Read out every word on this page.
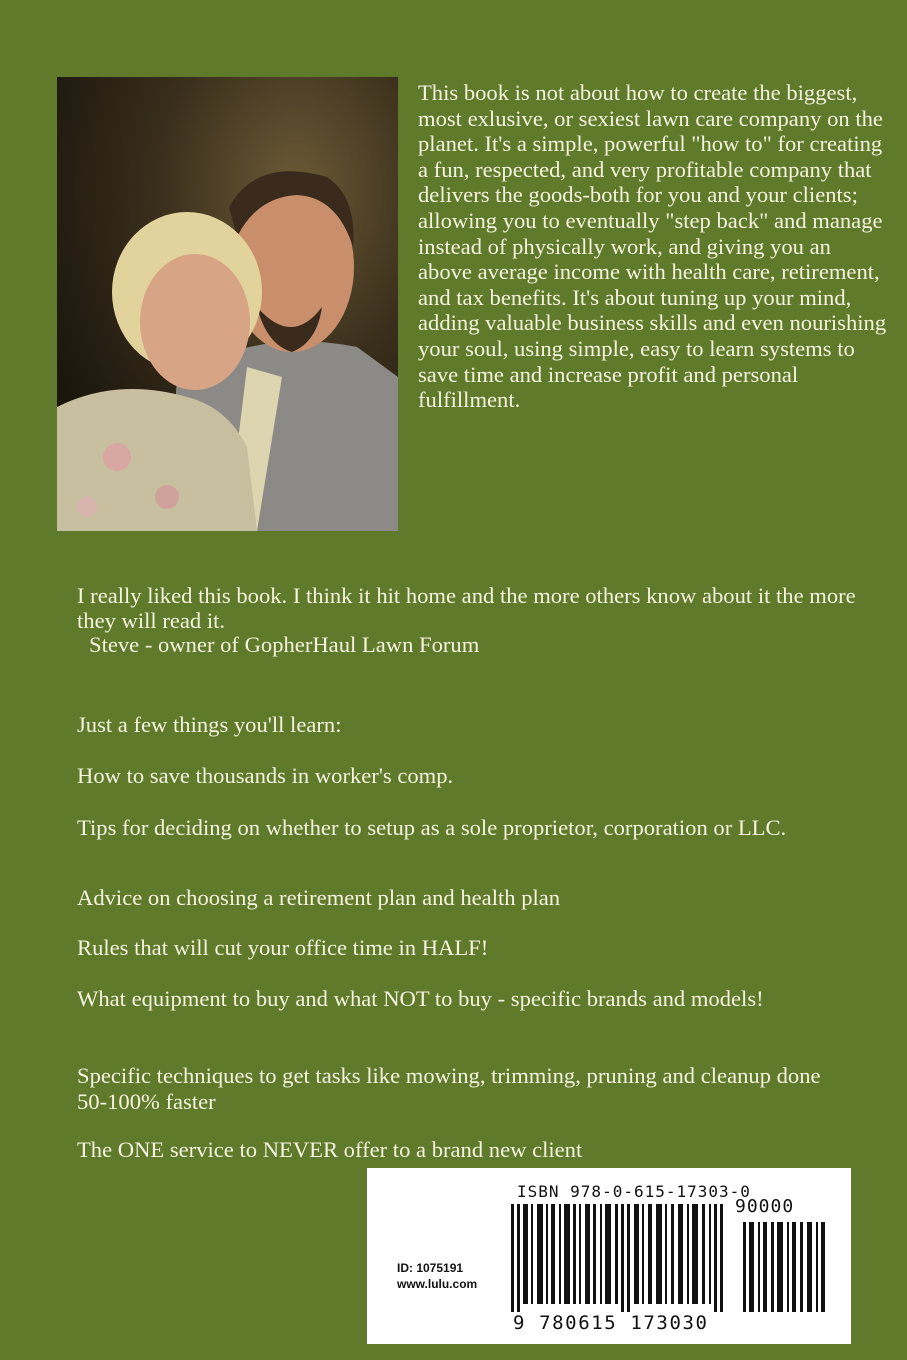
This book is not about how to create the biggest, most exlusive, or sexiest lawn care company on the planet. It's a simple, powerful "how to" for creating a fun, respected, and very profitable company that delivers the goods-both for you and your clients; allowing you to eventually "step back" and manage instead of physically work, and giving you an above average income with health care, retirement, and tax benefits. It's about tuning up your mind, adding valuable business skills and even nourishing your soul, using simple, easy to learn systems to save time and increase profit and personal fulfillment.

I really liked this book. I think it hit home and the more others know about it the more they will read it.
Steve - owner of GopherHaul Lawn Forum

Just a few things you'll learn:

How to save thousands in worker's comp.

Tips for deciding on whether to setup as a sole proprietor, corporation or LLC.

Advice on choosing a retirement plan and health plan

Rules that will cut your office time in HALF!

What equipment to buy and what NOT to buy - specific brands and models!

Specific techniques to get tasks like mowing, trimming, pruning and cleanup done 50-100% faster

The ONE service to NEVER offer to a brand new client

ID: 1075191
www.lulu.com
ISBN 978-0-615-17303-0
90000
9 780615 173030
